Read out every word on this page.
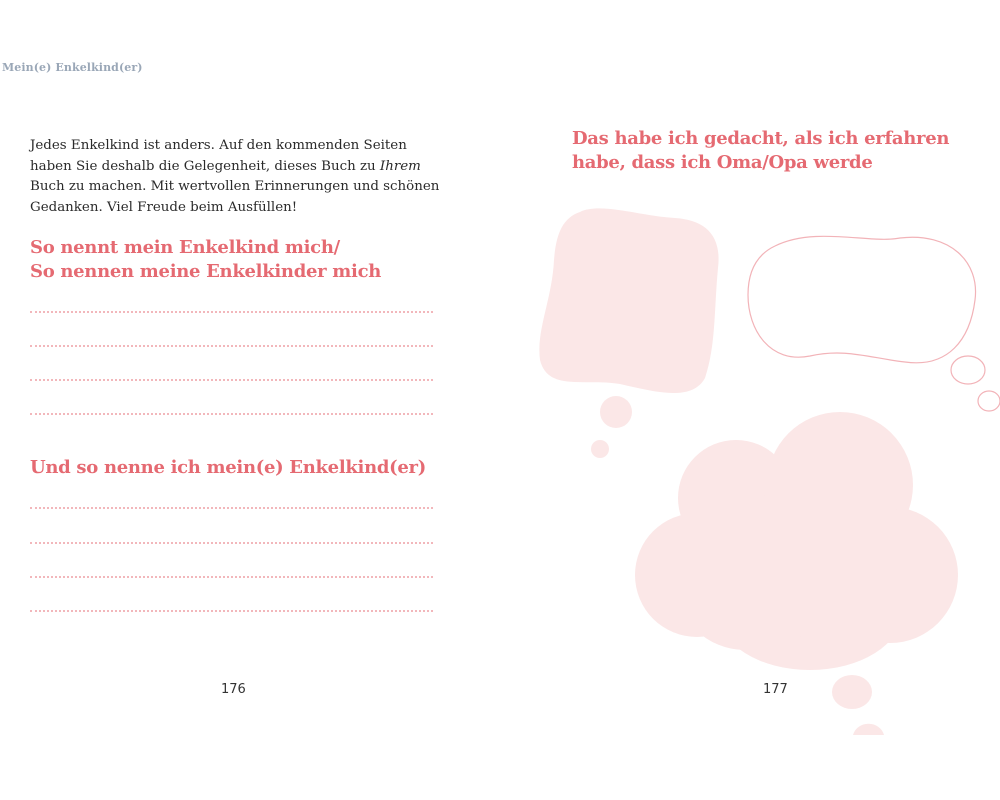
Mein(e) Enkelkind(er)
Jedes Enkelkind ist anders. Auf den kommenden Seiten
haben Sie deshalb die Gelegenheit, dieses Buch zu Ihrem
Buch zu machen. Mit wertvollen Erinnerungen und schönen
Gedanken. Viel Freude beim Ausfüllen!
So nennt mein Enkelkind mich/
So nennen meine Enkelkinder mich
Und so nenne ich mein(e) Enkelkind(er)
176
Das habe ich gedacht, als ich erfahren
habe, dass ich Oma/Opa werde
177
